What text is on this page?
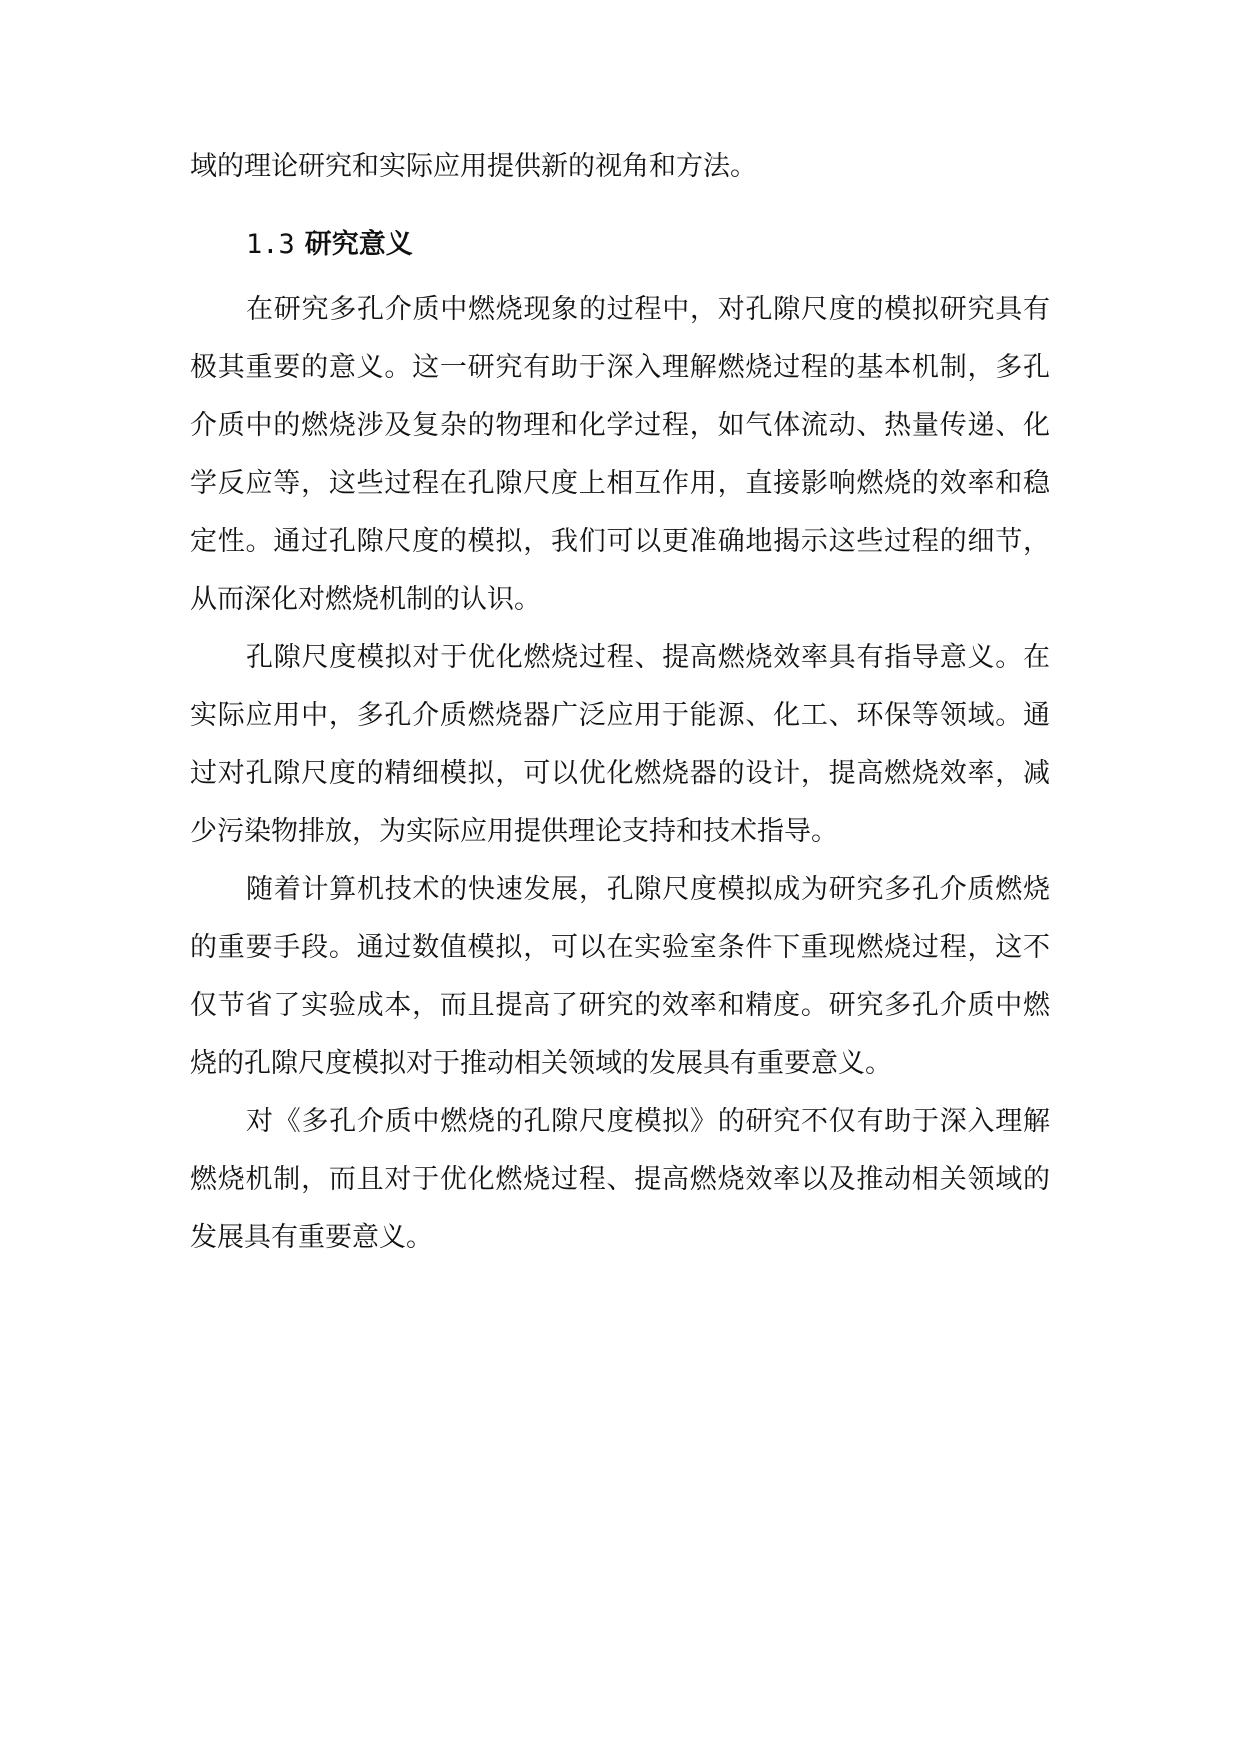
域的理论研究和实际应用提供新的视角和方法。

1.3 研究意义

在研究多孔介质中燃烧现象的过程中，对孔隙尺度的模拟研究具有极其重要的意义。这一研究有助于深入理解燃烧过程的基本机制，多孔介质中的燃烧涉及复杂的物理和化学过程，如气体流动、热量传递、化学反应等，这些过程在孔隙尺度上相互作用，直接影响燃烧的效率和稳定性。通过孔隙尺度的模拟，我们可以更准确地揭示这些过程的细节，从而深化对燃烧机制的认识。

孔隙尺度模拟对于优化燃烧过程、提高燃烧效率具有指导意义。在实际应用中，多孔介质燃烧器广泛应用于能源、化工、环保等领域。通过对孔隙尺度的精细模拟，可以优化燃烧器的设计，提高燃烧效率，减少污染物排放，为实际应用提供理论支持和技术指导。

随着计算机技术的快速发展，孔隙尺度模拟成为研究多孔介质燃烧的重要手段。通过数值模拟，可以在实验室条件下重现燃烧过程，这不仅节省了实验成本，而且提高了研究的效率和精度。研究多孔介质中燃烧的孔隙尺度模拟对于推动相关领域的发展具有重要意义。

对《多孔介质中燃烧的孔隙尺度模拟》的研究不仅有助于深入理解燃烧机制，而且对于优化燃烧过程、提高燃烧效率以及推动相关领域的发展具有重要意义。
